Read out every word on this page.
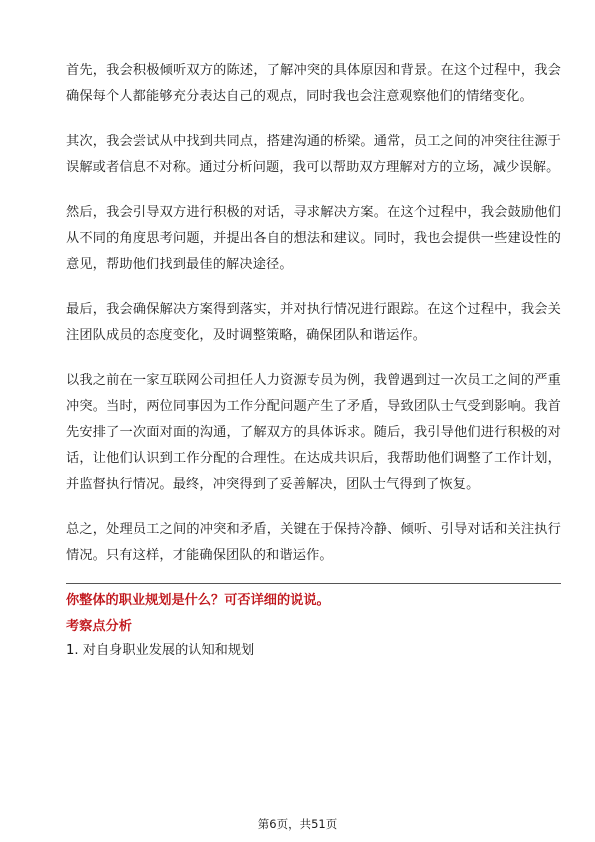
首先，我会积极倾听双方的陈述，了解冲突的具体原因和背景。在这个过程中，我会确保每个人都能够充分表达自己的观点，同时我也会注意观察他们的情绪变化。

其次，我会尝试从中找到共同点，搭建沟通的桥梁。通常，员工之间的冲突往往源于误解或者信息不对称。通过分析问题，我可以帮助双方理解对方的立场，减少误解。

然后，我会引导双方进行积极的对话，寻求解决方案。在这个过程中，我会鼓励他们从不同的角度思考问题，并提出各自的想法和建议。同时，我也会提供一些建设性的意见，帮助他们找到最佳的解决途径。

最后，我会确保解决方案得到落实，并对执行情况进行跟踪。在这个过程中，我会关注团队成员的态度变化，及时调整策略，确保团队和谐运作。

以我之前在一家互联网公司担任人力资源专员为例，我曾遇到过一次员工之间的严重冲突。当时，两位同事因为工作分配问题产生了矛盾，导致团队士气受到影响。我首先安排了一次面对面的沟通，了解双方的具体诉求。随后，我引导他们进行积极的对话，让他们认识到工作分配的合理性。在达成共识后，我帮助他们调整了工作计划，并监督执行情况。最终，冲突得到了妥善解决，团队士气得到了恢复。

总之，处理员工之间的冲突和矛盾，关键在于保持冷静、倾听、引导对话和关注执行情况。只有这样，才能确保团队的和谐运作。

你整体的职业规划是什么？可否详细的说说。
考察点分析
1. 对自身职业发展的认知和规划
第6页，共51页
